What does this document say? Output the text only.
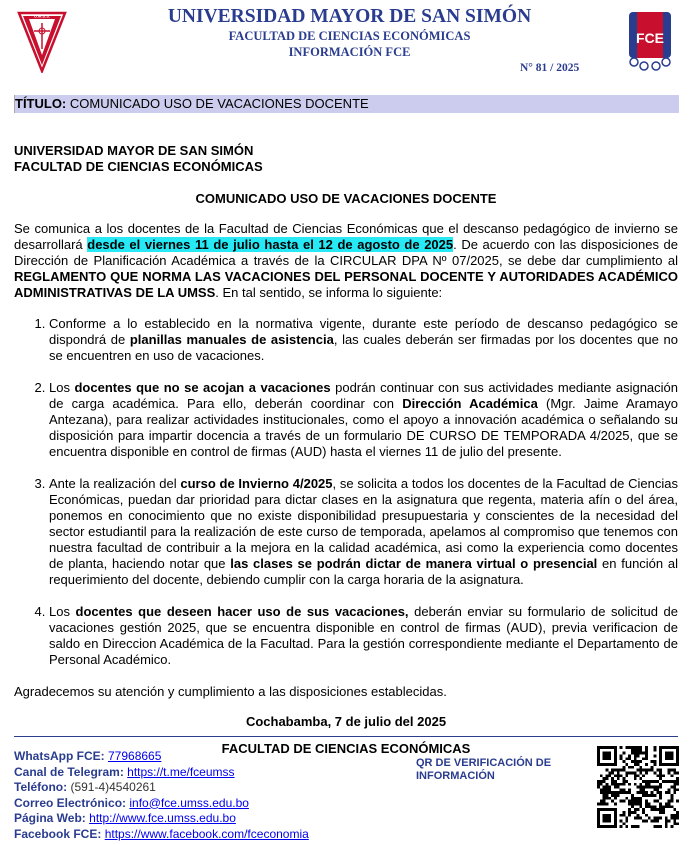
U.M.S.S.	UNIVERSIDAD MAYOR DE SAN SIMÓN
FACULTAD DE CIENCIAS ECONÓMICAS
INFORMACIÓN FCE
N° 81 / 2025
FCE
TÍTULO: COMUNICADO USO DE VACACIONES DOCENTE
UNIVERSIDAD MAYOR DE SAN SIMÓN
FACULTAD DE CIENCIAS ECONÓMICAS
COMUNICADO USO DE VACACIONES DOCENTE

Se comunica a los docentes de la Facultad de Ciencias Económicas que el descanso pedagógico de invierno se desarrollará desde el viernes 11 de julio hasta el 12 de agosto de 2025. De acuerdo con las disposiciones de Dirección de Planificación Académica a través de la CIRCULAR DPA Nº 07/2025, se debe dar cumplimiento al REGLAMENTO QUE NORMA LAS VACACIONES DEL PERSONAL DOCENTE Y AUTORIDADES ACADÉMICO ADMINISTRATIVAS DE LA UMSS. En tal sentido, se informa lo siguiente:

1. Conforme a lo establecido en la normativa vigente, durante este período de descanso pedagógico se dispondrá de planillas manuales de asistencia, las cuales deberán ser firmadas por los docentes que no se encuentren en uso de vacaciones.
2. Los docentes que no se acojan a vacaciones podrán continuar con sus actividades mediante asignación de carga académica. Para ello, deberán coordinar con Dirección Académica (Mgr. Jaime Aramayo Antezana), para realizar actividades institucionales, como el apoyo a innovación académica o señalando su disposición para impartir docencia a través de un formulario DE CURSO DE TEMPORADA 4/2025, que se encuentra disponible en control de firmas (AUD) hasta el viernes 11 de julio del presente.
3. Ante la realización del curso de Invierno 4/2025, se solicita a todos los docentes de la Facultad de Ciencias Económicas, puedan dar prioridad para dictar clases en la asignatura que regenta, materia afín o del área, ponemos en conocimiento que no existe disponibilidad presupuestaria y conscientes de la necesidad del sector estudiantil para la realización de este curso de temporada, apelamos al compromiso que tenemos con nuestra facultad de contribuir a la mejora en la calidad académica, asi como la experiencia como docentes de planta, haciendo notar que las clases se podrán dictar de manera virtual o presencial en función al requerimiento del docente, debiendo cumplir con la carga horaria de la asignatura.
4. Los docentes que deseen hacer uso de sus vacaciones, deberán enviar su formulario de solicitud de vacaciones gestión 2025, que se encuentra disponible en control de firmas (AUD), previa verificacion de saldo en Direccion Académica de la Facultad. Para la gestión correspondiente mediante el Departamento de Personal Académico.
Agradecemos su atención y cumplimiento a las disposiciones establecidas.
Cochabamba, 7 de julio del 2025
FACULTAD DE CIENCIAS ECONÓMICAS
WhatsApp FCE: 77968665
Canal de Telegram: https://t.me/fceumss
Teléfono: (591-4)4540261
Correo Electrónico: info@fce.umss.edu.bo
Página Web: http://www.fce.umss.edu.bo
Facebook FCE: https://www.facebook.com/fceconomia
QR DE VERIFICACIÓN DE INFORMACIÓN
